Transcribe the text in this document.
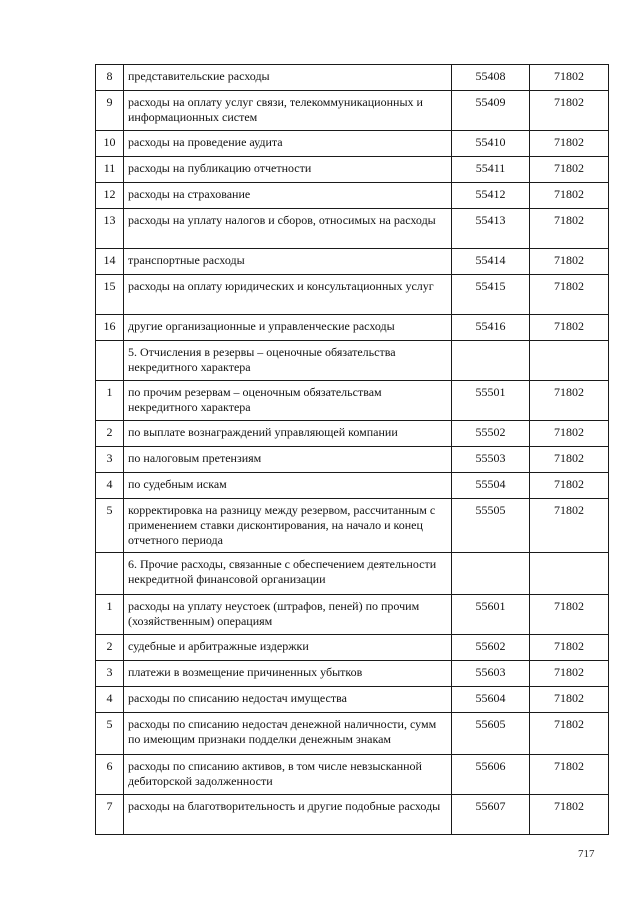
8	представительские расходы	55408	71802
9	расходы на оплату услуг связи, телекоммуникационных и информационных систем	55409	71802
10	расходы на проведение аудита	55410	71802
11	расходы на публикацию отчетности	55411	71802
12	расходы на страхование	55412	71802
13	расходы на уплату налогов и сборов, относимых на расходы	55413	71802
14	транспортные расходы	55414	71802
15	расходы на оплату юридических и консультационных услуг	55415	71802
16	другие организационные и управленческие расходы	55416	71802
	5. Отчисления в резервы – оценочные обязательства некредитного характера		
1	по прочим резервам – оценочным обязательствам некредитного характера	55501	71802
2	по выплате вознаграждений управляющей компании	55502	71802
3	по налоговым претензиям	55503	71802
4	по судебным искам	55504	71802
5	корректировка на разницу между резервом, рассчитанным с применением ставки дисконтирования, на начало и конец отчетного периода	55505	71802
	6. Прочие расходы, связанные с обеспечением деятельности некредитной финансовой организации		
1	расходы на уплату неустоек (штрафов, пеней) по прочим (хозяйственным) операциям	55601	71802
2	судебные и арбитражные издержки	55602	71802
3	платежи в возмещение причиненных убытков	55603	71802
4	расходы по списанию недостач имущества	55604	71802
5	расходы по списанию недостач денежной наличности, сумм по имеющим признаки подделки денежным знакам	55605	71802
6	расходы по списанию активов, в том числе невзысканной дебиторской задолженности	55606	71802
7	расходы на благотворительность и другие подобные расходы	55607	71802
717
